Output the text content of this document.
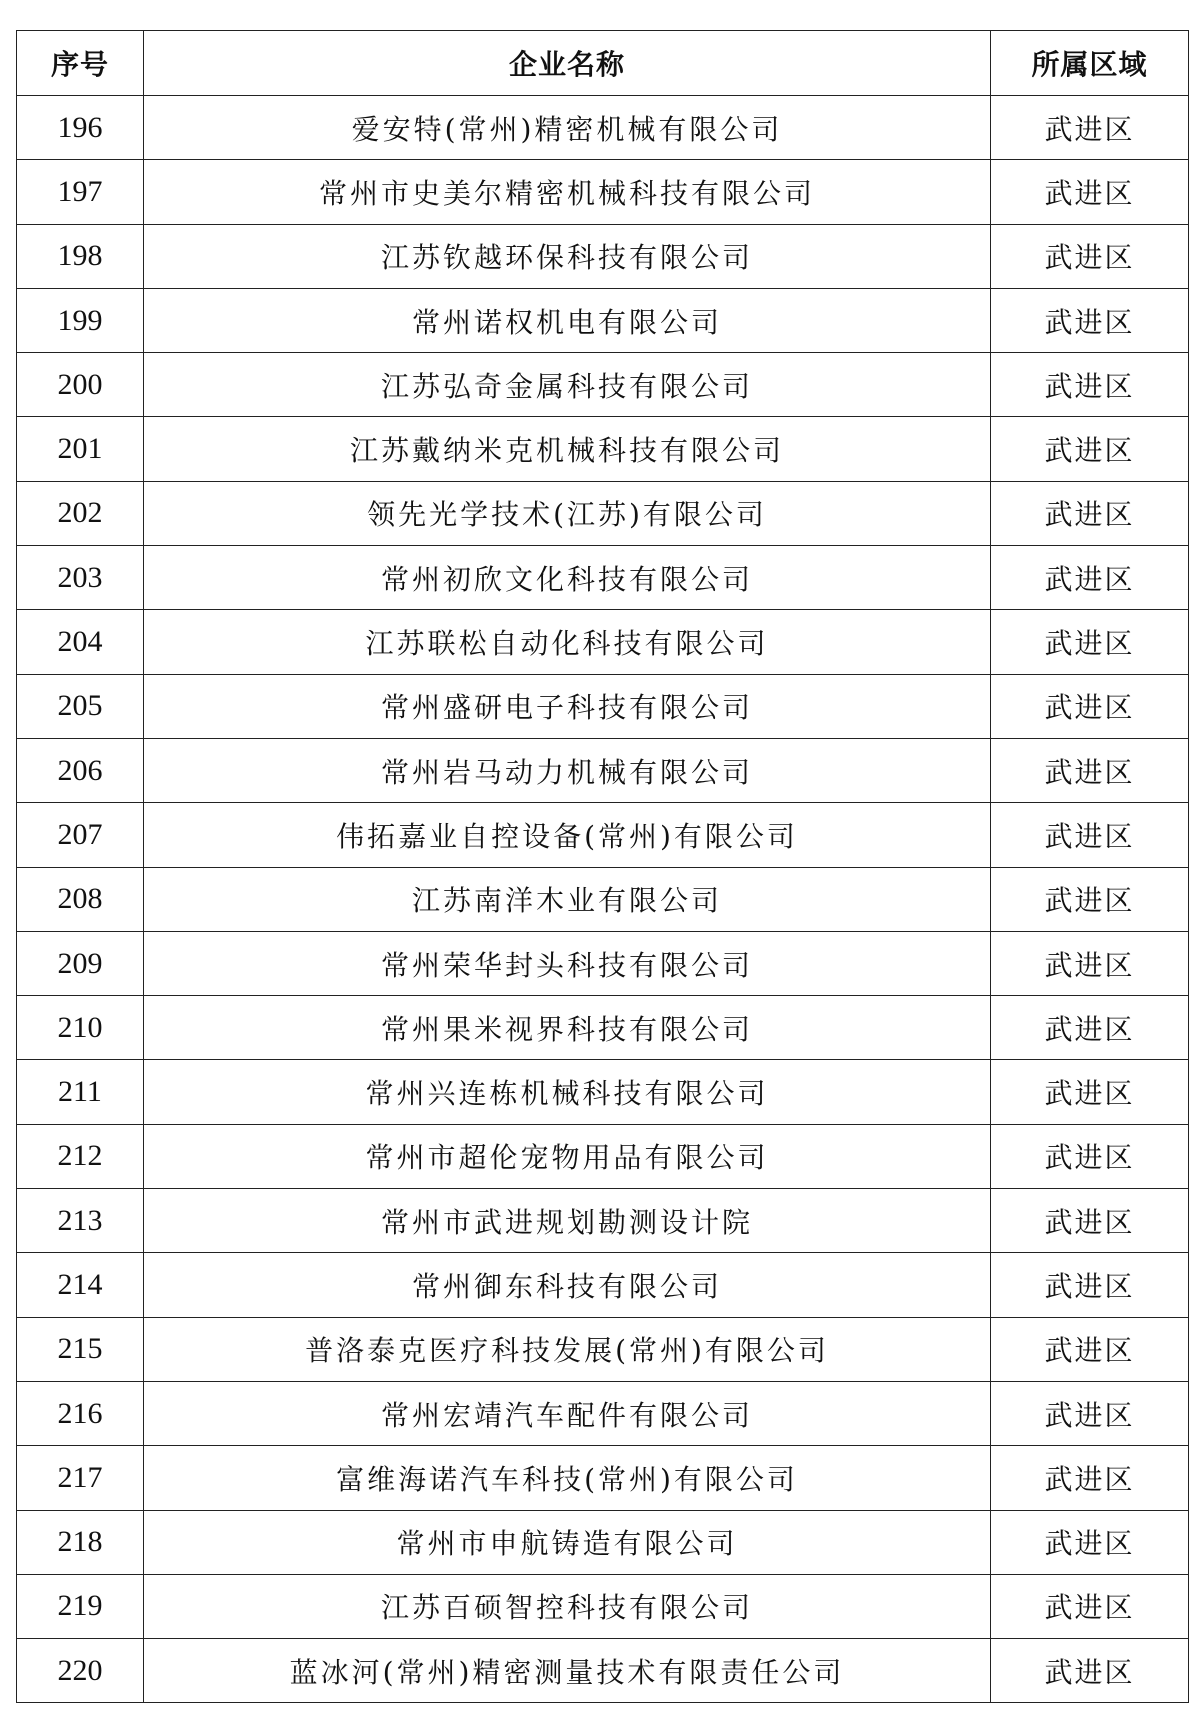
序号	企业名称	所属区域
196	爱安特(常州)精密机械有限公司	武进区
197	常州市史美尔精密机械科技有限公司	武进区
198	江苏钦越环保科技有限公司	武进区
199	常州诺权机电有限公司	武进区
200	江苏弘奇金属科技有限公司	武进区
201	江苏戴纳米克机械科技有限公司	武进区
202	领先光学技术(江苏)有限公司	武进区
203	常州初欣文化科技有限公司	武进区
204	江苏联松自动化科技有限公司	武进区
205	常州盛研电子科技有限公司	武进区
206	常州岩马动力机械有限公司	武进区
207	伟拓嘉业自控设备(常州)有限公司	武进区
208	江苏南洋木业有限公司	武进区
209	常州荣华封头科技有限公司	武进区
210	常州果米视界科技有限公司	武进区
211	常州兴连栋机械科技有限公司	武进区
212	常州市超伦宠物用品有限公司	武进区
213	常州市武进规划勘测设计院	武进区
214	常州御东科技有限公司	武进区
215	普洛泰克医疗科技发展(常州)有限公司	武进区
216	常州宏靖汽车配件有限公司	武进区
217	富维海诺汽车科技(常州)有限公司	武进区
218	常州市申航铸造有限公司	武进区
219	江苏百硕智控科技有限公司	武进区
220	蓝冰河(常州)精密测量技术有限责任公司	武进区
